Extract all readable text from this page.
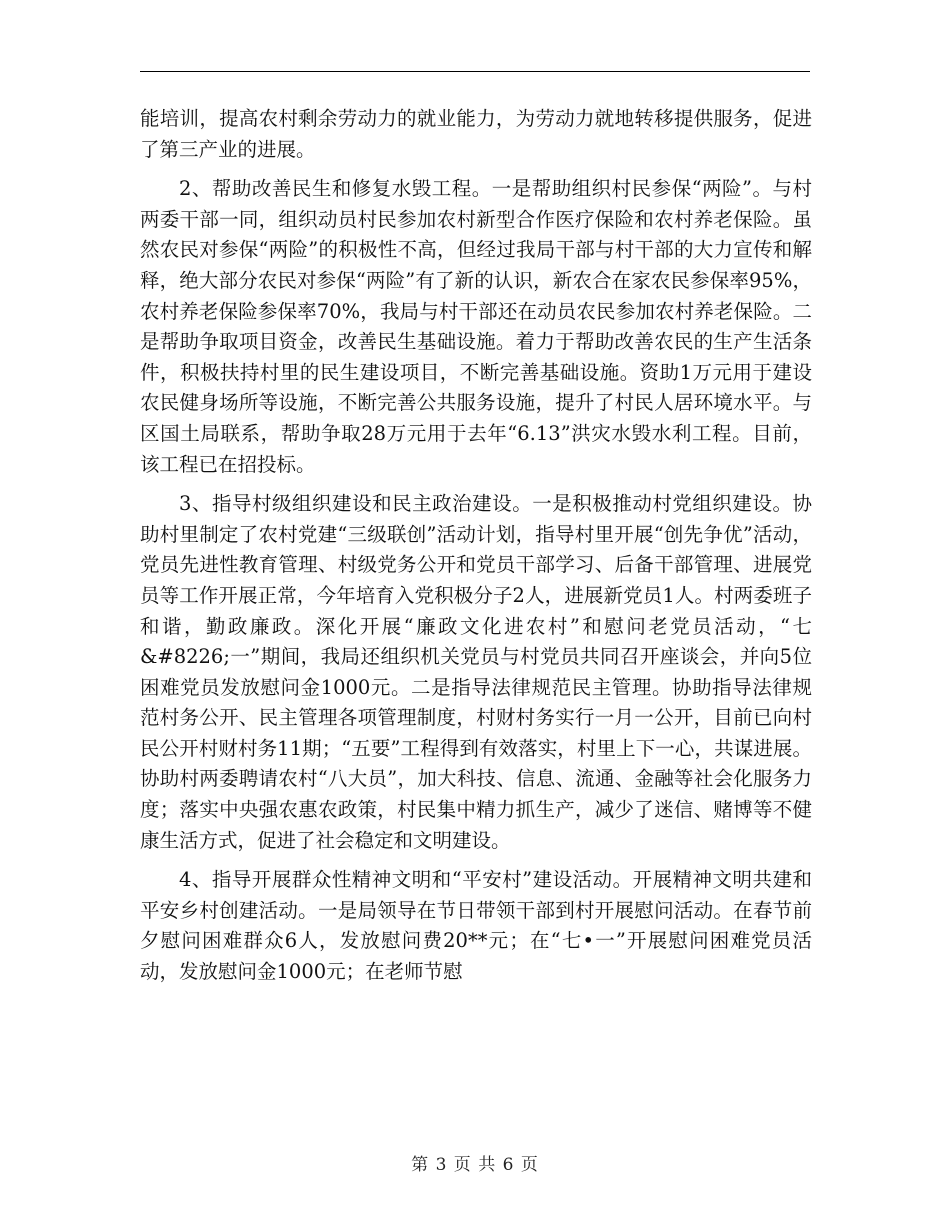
能培训，提高农村剩余劳动力的就业能力，为劳动力就地转移提供服务，促进了第三产业的进展。

2、帮助改善民生和修复水毁工程。一是帮助组织村民参保“两险”。与村两委干部一同，组织动员村民参加农村新型合作医疗保险和农村养老保险。虽然农民对参保“两险”的积极性不高，但经过我局干部与村干部的大力宣传和解释，绝大部分农民对参保“两险”有了新的认识，新农合在家农民参保率95%，农村养老保险参保率70%，我局与村干部还在动员农民参加农村养老保险。二是帮助争取项目资金，改善民生基础设施。着力于帮助改善农民的生产生活条件，积极扶持村里的民生建设项目，不断完善基础设施。资助1万元用于建设农民健身场所等设施，不断完善公共服务设施，提升了村民人居环境水平。与区国土局联系，帮助争取28万元用于去年“6.13”洪灾水毁水利工程。目前，该工程已在招投标。

3、指导村级组织建设和民主政治建设。一是积极推动村党组织建设。协助村里制定了农村党建“三级联创”活动计划，指导村里开展“创先争优”活动，党员先进性教育管理、村级党务公开和党员干部学习、后备干部管理、进展党员等工作开展正常，今年培育入党积极分子2人，进展新党员1人。村两委班子和谐，勤政廉政。深化开展“廉政文化进农村”和慰问老党员活动，“七&#8226;一”期间，我局还组织机关党员与村党员共同召开座谈会，并向5位困难党员发放慰问金1000元。二是指导法律规范民主管理。协助指导法律规范村务公开、民主管理各项管理制度，村财村务实行一月一公开，目前已向村民公开村财村务11期；“五要”工程得到有效落实，村里上下一心，共谋进展。协助村两委聘请农村“八大员”，加大科技、信息、流通、金融等社会化服务力度；落实中央强农惠农政策，村民集中精力抓生产，减少了迷信、赌博等不健康生活方式，促进了社会稳定和文明建设。

4、指导开展群众性精神文明和“平安村”建设活动。开展精神文明共建和平安乡村创建活动。一是局领导在节日带领干部到村开展慰问活动。在春节前夕慰问困难群众6人，发放慰问费20**元；在“七•一”开展慰问困难党员活动，发放慰问金1000元；在老师节慰

第 3 页 共 6 页
